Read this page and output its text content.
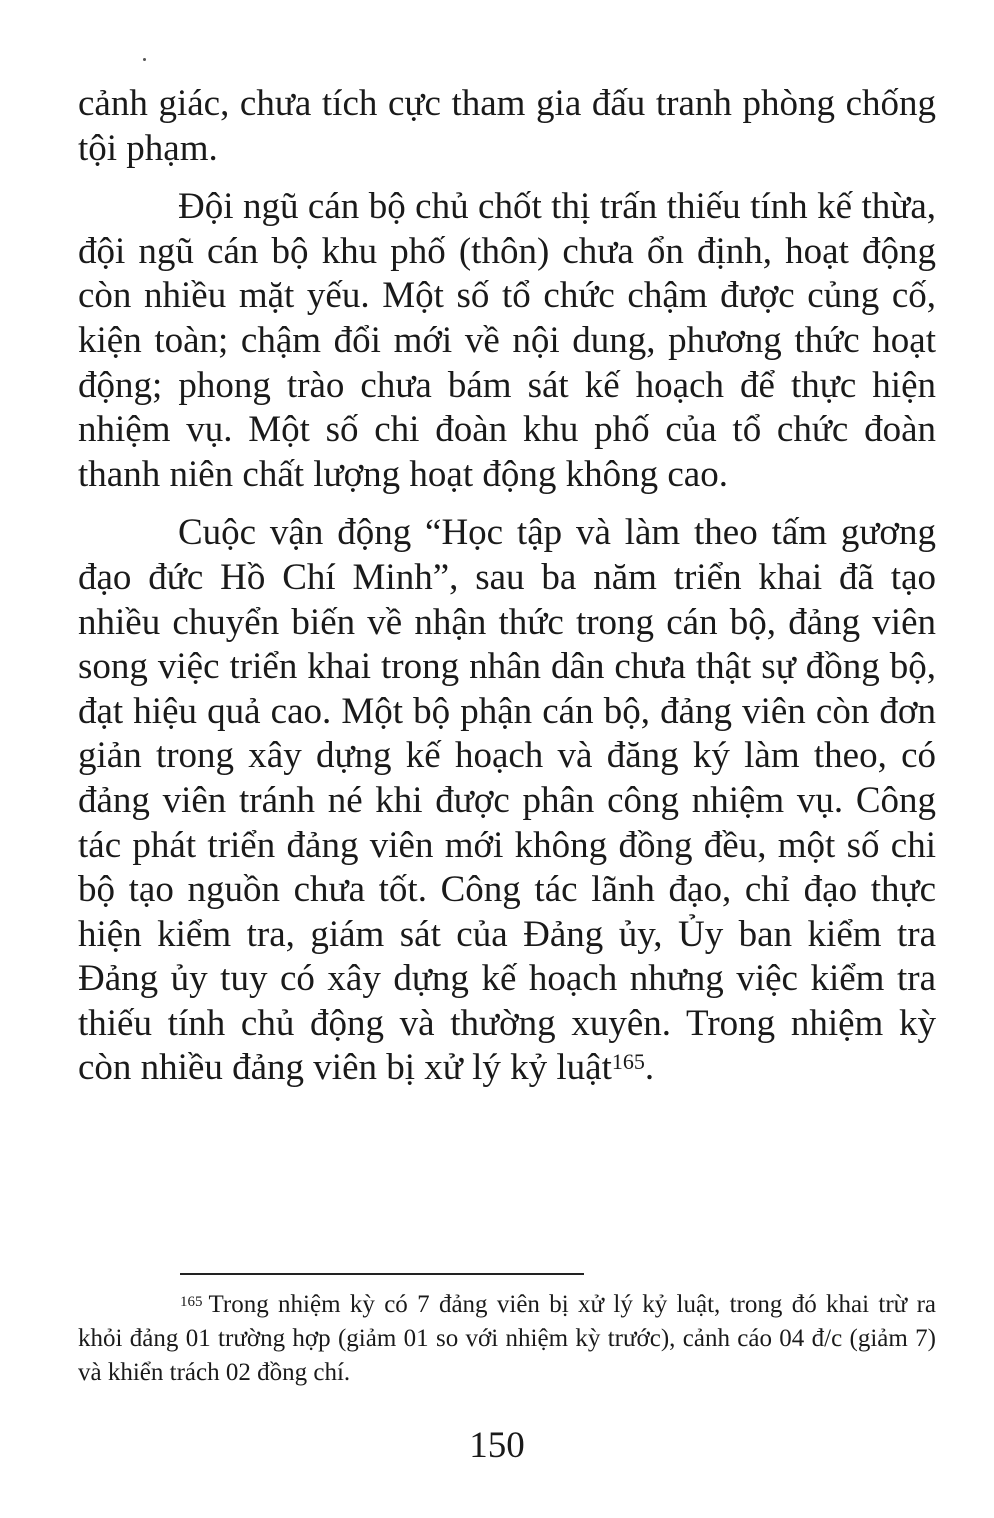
cảnh giác, chưa tích cực tham gia đấu tranh phòng chống tội phạm.

Đội ngũ cán bộ chủ chốt thị trấn thiếu tính kế thừa, đội ngũ cán bộ khu phố (thôn) chưa ổn định, hoạt động còn nhiều mặt yếu. Một số tổ chức chậm được củng cố, kiện toàn; chậm đổi mới về nội dung, phương thức hoạt động; phong trào chưa bám sát kế hoạch để thực hiện nhiệm vụ. Một số chi đoàn khu phố của tổ chức đoàn thanh niên chất lượng hoạt động không cao.

Cuộc vận động “Học tập và làm theo tấm gương đạo đức Hồ Chí Minh”, sau ba năm triển khai đã tạo nhiều chuyển biến về nhận thức trong cán bộ, đảng viên song việc triển khai trong nhân dân chưa thật sự đồng bộ, đạt hiệu quả cao. Một bộ phận cán bộ, đảng viên còn đơn giản trong xây dựng kế hoạch và đăng ký làm theo, có đảng viên tránh né khi được phân công nhiệm vụ. Công tác phát triển đảng viên mới không đồng đều, một số chi bộ tạo nguồn chưa tốt. Công tác lãnh đạo, chỉ đạo thực hiện kiểm tra, giám sát của Đảng ủy, Ủy ban kiểm tra Đảng ủy tuy có xây dựng kế hoạch nhưng việc kiểm tra thiếu tính chủ động và thường xuyên. Trong nhiệm kỳ còn nhiều đảng viên bị xử lý kỷ luật$^{165}$.

165 Trong nhiệm kỳ có 7 đảng viên bị xử lý kỷ luật, trong đó khai trừ ra khỏi đảng 01 trường hợp (giảm 01 so với nhiệm kỳ trước), cảnh cáo 04 đ/c (giảm 7) và khiển trách 02 đồng chí.
150
